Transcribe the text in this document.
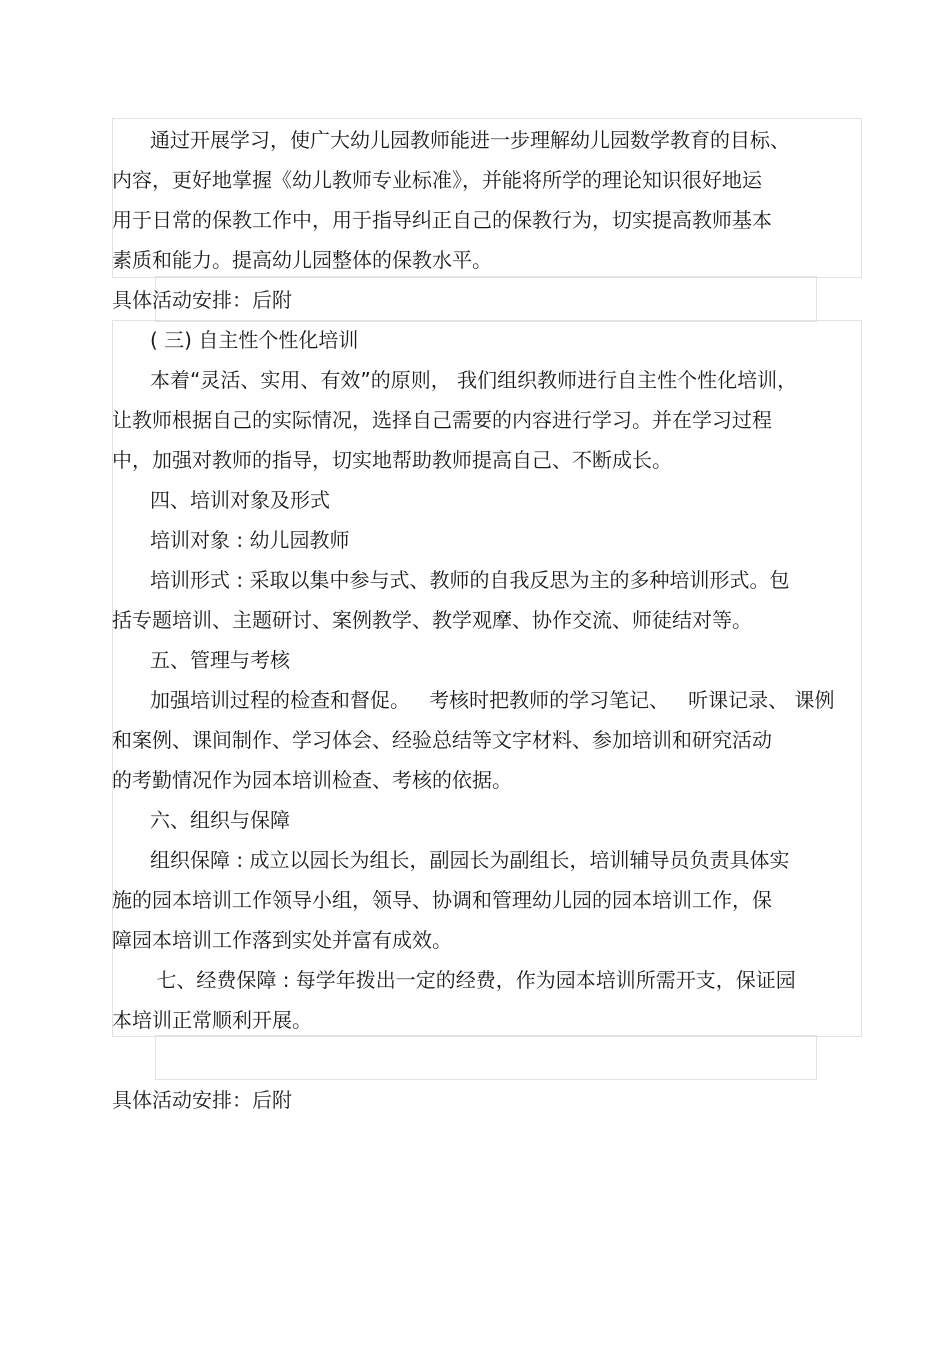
通过开展学习，使广大幼儿园教师能进一步理解幼儿园数学教育的目标、

内容，更好地掌握《幼儿教师专业标准》，并能将所学的理论知识很好地运

用于日常的保教工作中，用于指导纠正自己的保教行为，切实提高教师基本

素质和能力。提高幼儿园整体的保教水平。

具体活动安排：后附

( 三) 自主性个性化培训

本着“灵活、实用、有效”的原则， 我们组织教师进行自主性个性化培训，

让教师根据自己的实际情况，选择自己需要的内容进行学习。并在学习过程

中，加强对教师的指导，切实地帮助教师提高自己、不断成长。

四、培训对象及形式

培训对象 : 幼儿园教师

培训形式 : 采取以集中参与式、教师的自我反思为主的多种培训形式。包

括专题培训、主题研讨、案例教学、教学观摩、协作交流、师徒结对等。

五、管理与考核

加强培训过程的检查和督促。   考核时把教师的学习笔记、   听课记录、 课例

和案例、课间制作、学习体会、经验总结等文字材料、参加培训和研究活动

的考勤情况作为园本培训检查、考核的依据。

六、组织与保障

组织保障 : 成立以园长为组长，副园长为副组长，培训辅导员负责具体实

施的园本培训工作领导小组，领导、协调和管理幼儿园的园本培训工作，保

障园本培训工作落到实处并富有成效。

七、经费保障 : 每学年拨出一定的经费，作为园本培训所需开支，保证园

本培训正常顺利开展。

具体活动安排：后附
